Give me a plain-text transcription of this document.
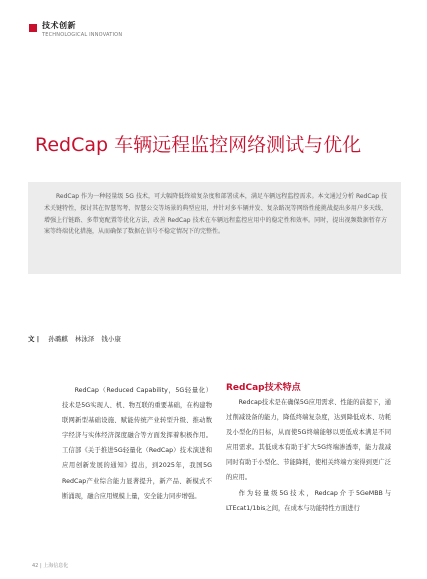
技术创新
TECHNOLOGICAL INNOVATION
RedCap 车辆远程监控网络测试与优化
RedCap 作为一种轻量级 5G 技术，可大幅降低终端复杂度和部署成本，满足车辆远程监控需求。本文通过分析 RedCap 技术关键特性，探讨其在智慧驾考、智慧公交等场景的典型应用，并针对多车辆并发、复杂路况等网络性能挑战提出多用户多天线、增强上行链路、多带宽配置等优化方法，改善 RedCap 技术在车辆远程监控应用中的稳定性和效率。同时，提出视频数据暂存方案等终端优化措施，从而确保了数据在信号不稳定情况下的完整性。
文 | 孙璐麒 林泳泽 钱小康
RedCap（Reduced Capability，5G轻量化）技术是5G实现人、机、物互联的重要基础，在构建物联网新型基础设施、赋能传统产业转型升级、推动数字经济与实体经济深度融合等方面发挥着积极作用。工信部《关于推进5G轻量化（RedCap）技术演进和应用创新发展的通知》提出，到2025年，我国5G RedCap产业综合能力显著提升，新产品、新模式不断涌现，融合应用规模上量，安全能力同步增强。
RedCap技术特点

Redcap技术是在确保5G应用需求、性能的前提下，通过削减设备的能力，降低终端复杂度，达到降低成本、功耗及小型化的目标，从而使5G终端能够以更低成本满足不同应用需求。其低成本有助于扩大5G终端渗透率，能力裁减同时有助于小型化、节能降耗，使相关终端方案得到更广泛的应用。

作为轻量级5G技术，Redcap介于5GeMBB与LTEcat1/1bis之间，在成本与功能特性方面进行

42 | 上海信息化
